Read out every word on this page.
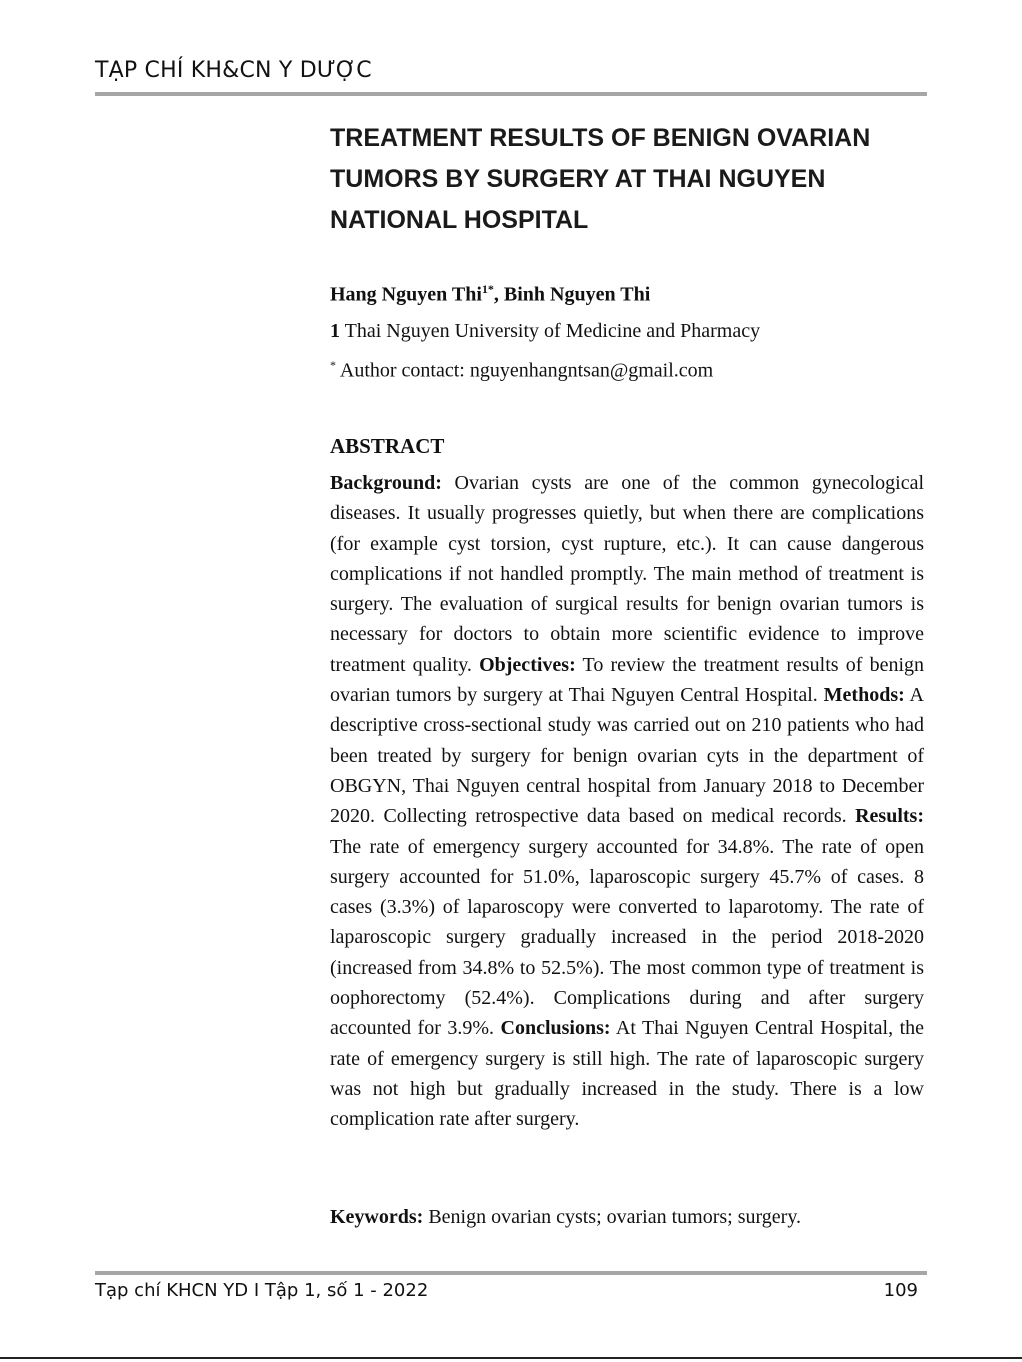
TẠP CHÍ KH&CN Y DƯỢC
TREATMENT RESULTS OF BENIGN OVARIAN TUMORS BY SURGERY AT THAI NGUYEN NATIONAL HOSPITAL
Hang Nguyen Thi$^{1*}$, Binh Nguyen Thi
1 Thai Nguyen University of Medicine and Pharmacy
* Author contact: nguyenhangntsan@gmail.com
ABSTRACT

Background: Ovarian cysts are one of the common gynecological diseases. It usually progresses quietly, but when there are complications (for example cyst torsion, cyst rupture, etc.). It can cause dangerous complications if not handled promptly. The main method of treatment is surgery. The evaluation of surgical results for benign ovarian tumors is necessary for doctors to obtain more scientific evidence to improve treatment quality. Objectives: To review the treatment results of benign ovarian tumors by surgery at Thai Nguyen Central Hospital. Methods: A descriptive cross-sectional study was carried out on 210 patients who had been treated by surgery for benign ovarian cyts in the department of OBGYN, Thai Nguyen central hospital from January 2018 to December 2020. Collecting retrospective data based on medical records. Results: The rate of emergency surgery accounted for 34.8%. The rate of open surgery accounted for 51.0%, laparoscopic surgery 45.7% of cases. 8 cases (3.3%) of laparoscopy were converted to laparotomy. The rate of laparoscopic surgery gradually increased in the period 2018-2020 (increased from 34.8% to 52.5%). The most common type of treatment is oophorectomy (52.4%). Complications during and after surgery accounted for 3.9%. Conclusions: At Thai Nguyen Central Hospital, the rate of emergency surgery is still high. The rate of laparoscopic surgery was not high but gradually increased in the study. There is a low complication rate after surgery.

Keywords: Benign ovarian cysts; ovarian tumors; surgery.
Tạp chí KHCN YD I Tập 1, số 1 - 2022	109
